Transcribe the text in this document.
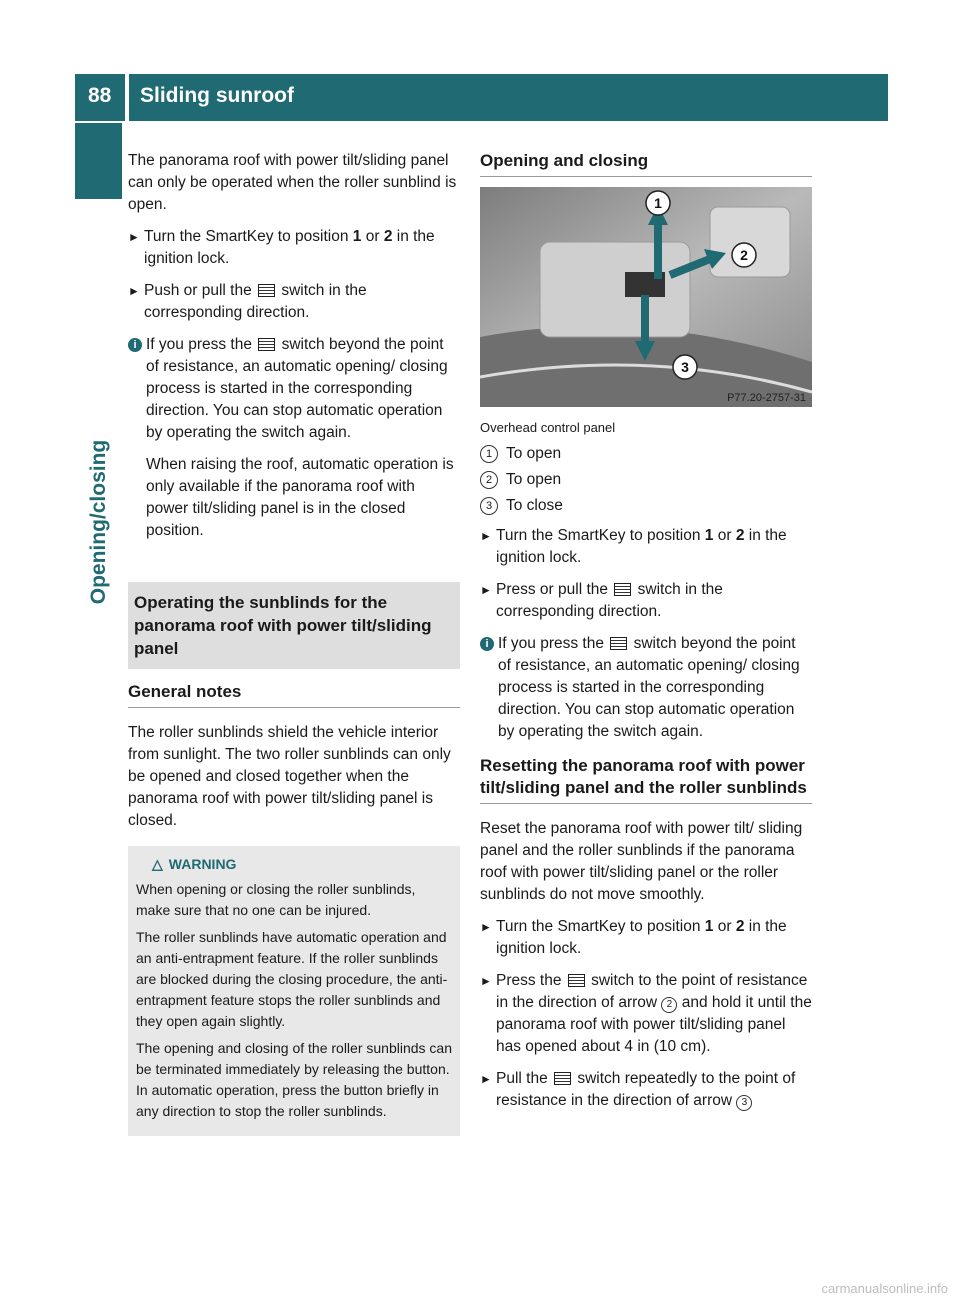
88 Sliding sunroof
Opening/closing

The panorama roof with power tilt/sliding panel can only be operated when the roller sunblind is open.

► Turn the SmartKey to position 1 or 2 in the ignition lock.
► Push or pull the  switch in the corresponding direction.
i If you press the  switch beyond the point of resistance, an automatic opening/ closing process is started in the corresponding direction. You can stop automatic operation by operating the switch again.

When raising the roof, automatic operation is only available if the panorama roof with power tilt/sliding panel is in the closed position.

Operating the sunblinds for the panorama roof with power tilt/sliding panel
General notes

The roller sunblinds shield the vehicle interior from sunlight. The two roller sunblinds can only be opened and closed together when the panorama roof with power tilt/sliding panel is closed.

△ WARNING

When opening or closing the roller sunblinds, make sure that no one can be injured.

The roller sunblinds have automatic operation and an anti-entrapment feature. If the roller sunblinds are blocked during the closing procedure, the anti-entrapment feature stops the roller sunblinds and they open again slightly.

The opening and closing of the roller sunblinds can be terminated immediately by releasing the button. In automatic operation, press the button briefly in any direction to stop the roller sunblinds.

Opening and closing
1
2
3
P77.20-2757-31
Overhead control panel
1 To open
2 To open
3 To close
► Turn the SmartKey to position 1 or 2 in the ignition lock.
► Press or pull the  switch in the corresponding direction.
i If you press the  switch beyond the point of resistance, an automatic opening/ closing process is started in the corresponding direction. You can stop automatic operation by operating the switch again.
Resetting the panorama roof with power tilt/sliding panel and the roller sunblinds

Reset the panorama roof with power tilt/ sliding panel and the roller sunblinds if the panorama roof with power tilt/sliding panel or the roller sunblinds do not move smoothly.

► Turn the SmartKey to position 1 or 2 in the ignition lock.
► Press the  switch to the point of resistance in the direction of arrow 2 and hold it until the panorama roof with power tilt/sliding panel has opened about 4 in (10 cm).
► Pull the  switch repeatedly to the point of resistance in the direction of arrow 3
carmanualsonline.info
